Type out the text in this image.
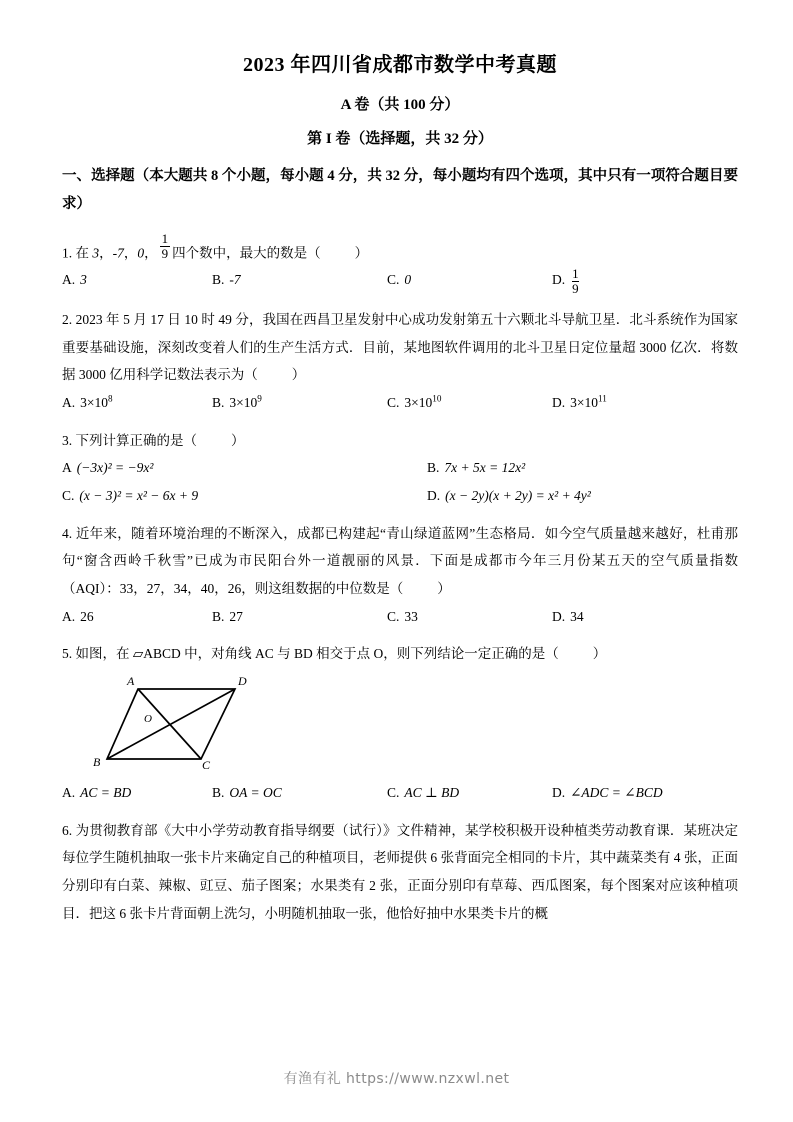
2023 年四川省成都市数学中考真题
A 卷（共 100 分）
第 I 卷（选择题，共 32 分）
一、选择题（本大题共 8 个小题，每小题 4 分，共 32 分，每小题均有四个选项，其中只有一项符合题目要求）
1. 在 3，-7，0， $\frac{1}{9}$ 四个数中，最大的数是（	）
A. 3	B. -7	C. 0	D. $\frac{1}{9}$
2. 2023 年 5 月 17 日 10 时 49 分，我国在西昌卫星发射中心成功发射第五十六颗北斗导航卫星．北斗系统作为国家重要基础设施，深刻改变着人们的生产生活方式．目前，某地图软件调用的北斗卫星日定位量超 3000 亿次．将数据 3000 亿用科学记数法表示为（	）
A. $3\times 10^8$	B. $3\times 10^9$	C. $3\times 10^{10}$	D. $3\times 10^{11}$
3. 下列计算正确的是（	）
A (−3x)² = −9x²	B. 7x + 5x = 12x²
C. (x − 3)² = x² − 6x + 9	D. (x − 2y)(x + 2y) = x² + 4y²
4. 近年来，随着环境治理的不断深入，成都已构建起“青山绿道蓝网”生态格局．如今空气质量越来越好，杜甫那句“窗含西岭千秋雪”已成为市民阳台外一道靓丽的风景．下面是成都市今年三月份某五天的空气质量指数（AQI）：33，27，34，40，26，则这组数据的中位数是（	）
A. 26	B. 27	C. 33	D. 34
5. 如图，在 ▱ABCD 中，对角线 AC 与 BD 相交于点 O，则下列结论一定正确的是（	）
A	D
B	C
O
A. AC = BD	B. OA = OC	C. AC ⊥ BD	D. ∠ADC = ∠BCD
6. 为贯彻教育部《大中小学劳动教育指导纲要（试行）》文件精神，某学校积极开设种植类劳动教育课．某班决定每位学生随机抽取一张卡片来确定自己的种植项目，老师提供 6 张背面完全相同的卡片，其中蔬菜类有 4 张，正面分别印有白菜、辣椒、豇豆、茄子图案；水果类有 2 张，正面分别印有草莓、西瓜图案，每个图案对应该种植项目．把这 6 张卡片背面朝上洗匀，小明随机抽取一张，他恰好抽中水果类卡片的概
有渔有礼 https://www.nzxwl.net
